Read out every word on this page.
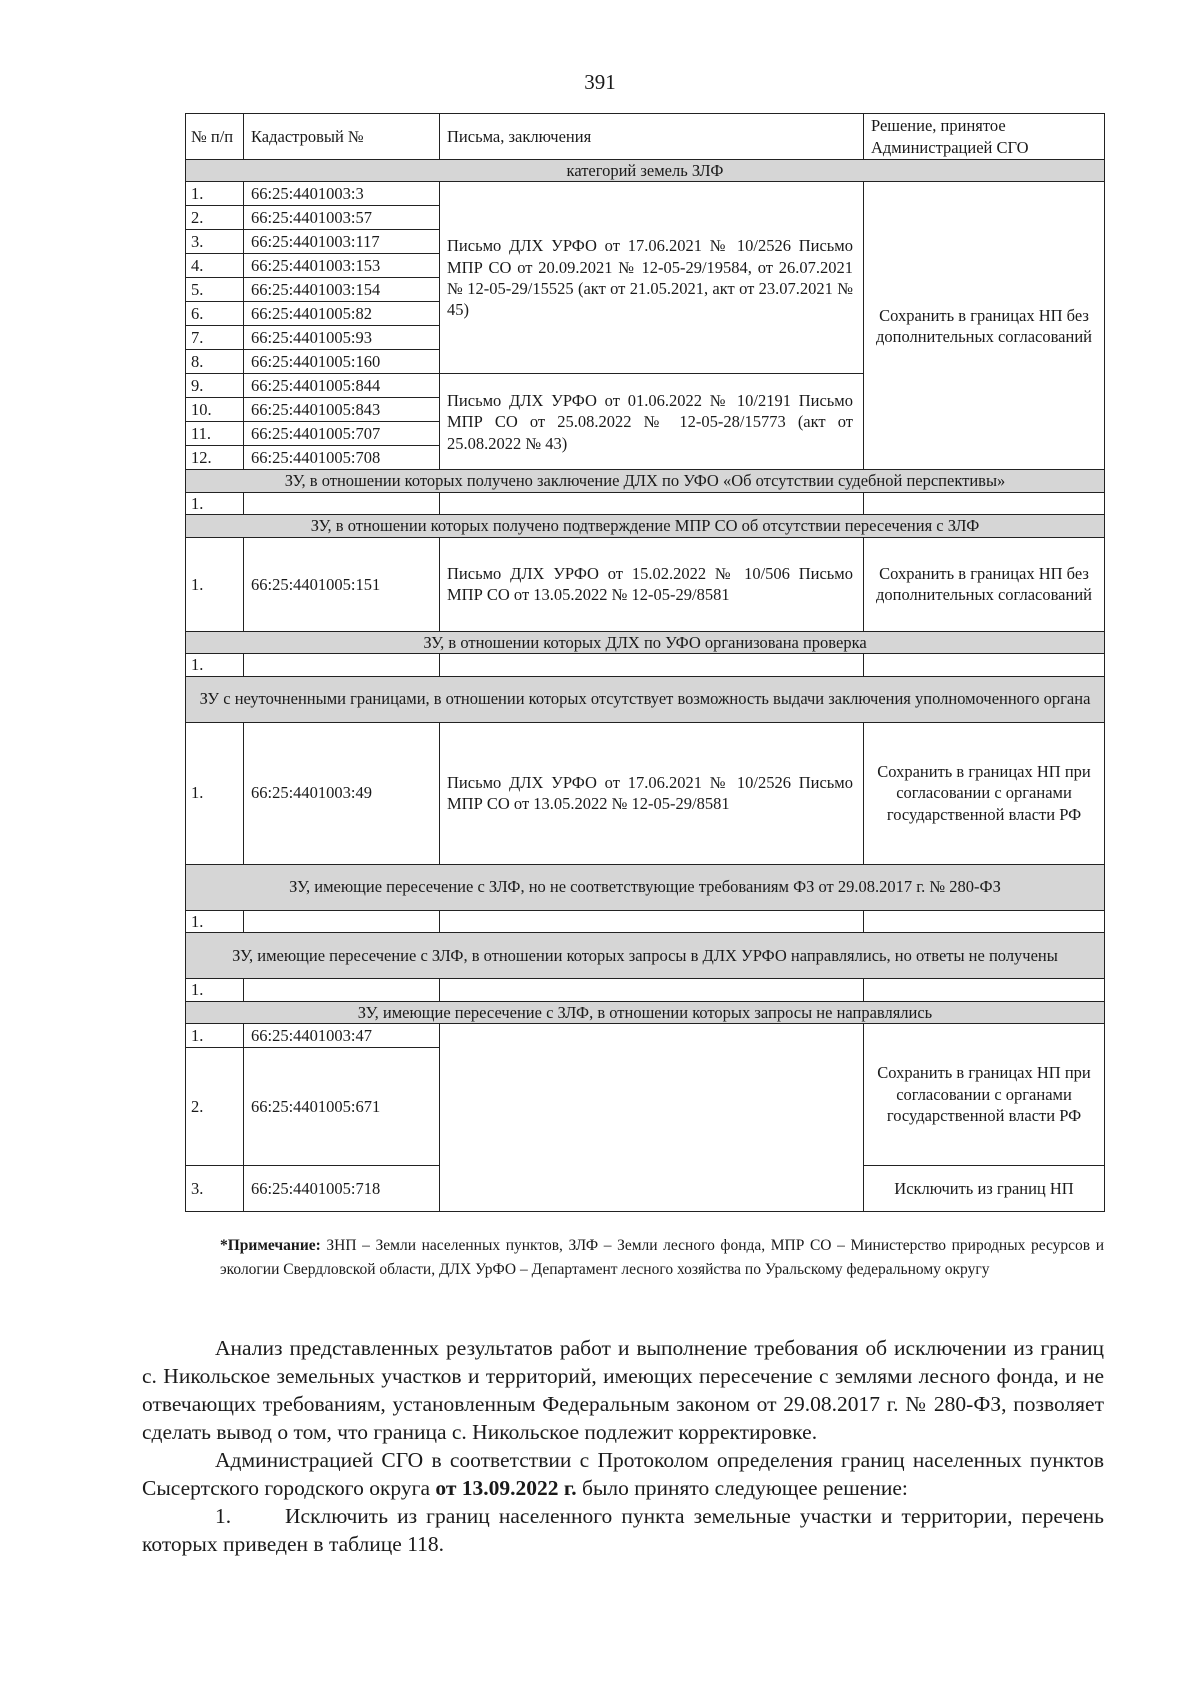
391
№ п/п	Кадастровый №	Письма, заключения	Решение, принятое Администрацией СГО
категорий земель ЗЛФ			
1.	66:25:4401003:3	Письмо ДЛХ УРФО от 17.06.2021 № 10/2526 Письмо МПР СО от 20.09.2021 № 12-05-29/19584, от 26.07.2021 № 12-05-29/15525 (акт от 21.05.2021, акт от 23.07.2021 № 45)	Сохранить в границах НП без дополнительных согласований
2.	66:25:4401003:57		
3.	66:25:4401003:117		
4.	66:25:4401003:153		
5.	66:25:4401003:154		
6.	66:25:4401005:82		
7.	66:25:4401005:93		
8.	66:25:4401005:160		
9.	66:25:4401005:844	Письмо ДЛХ УРФО от 01.06.2022 № 10/2191 Письмо МПР СО от 25.08.2022 № 12-05-28/15773 (акт от 25.08.2022 № 43)	
10.	66:25:4401005:843		
11.	66:25:4401005:707		
12.	66:25:4401005:708		
ЗУ, в отношении которых получено заключение ДЛХ по УФО «Об отсутствии судебной перспективы»			
1.			
ЗУ, в отношении которых получено подтверждение МПР СО об отсутствии пересечения с ЗЛФ			
1.	66:25:4401005:151	Письмо ДЛХ УРФО от 15.02.2022 № 10/506 Письмо МПР СО от 13.05.2022 № 12-05-29/8581	Сохранить в границах НП без дополнительных согласований
ЗУ, в отношении которых ДЛХ по УФО организована проверка			
1.			
ЗУ с неуточненными границами, в отношении которых отсутствует возможность выдачи заключения уполномоченного органа			
1.	66:25:4401003:49	Письмо ДЛХ УРФО от 17.06.2021 № 10/2526 Письмо МПР СО от 13.05.2022 № 12-05-29/8581	Сохранить в границах НП при согласовании с органами государственной власти РФ
ЗУ, имеющие пересечение с ЗЛФ, но не соответствующие требованиям ФЗ от 29.08.2017 г. № 280-ФЗ			
1.			
ЗУ, имеющие пересечение с ЗЛФ, в отношении которых запросы в ДЛХ УРФО направлялись, но ответы не получены			
1.			
ЗУ, имеющие пересечение с ЗЛФ, в отношении которых запросы не направлялись			
1.	66:25:4401003:47		Сохранить в границах НП при согласовании с органами государственной власти РФ
2.	66:25:4401005:671		
3.	66:25:4401005:718		Исключить из границ НП
*Примечание: ЗНП – Земли населенных пунктов, ЗЛФ – Земли лесного фонда, МПР СО – Министерство природных ресурсов и экологии Свердловской области, ДЛХ УрФО – Департамент лесного хозяйства по Уральскому федеральному округу

Анализ представленных результатов работ и выполнение требования об исключении из границ с. Никольское земельных участков и территорий, имеющих пересечение с землями лесного фонда, и не отвечающих требованиям, установленным Федеральным законом от 29.08.2017 г. № 280-ФЗ, позволяет сделать вывод о том, что граница с. Никольское подлежит корректировке.

Администрацией СГО в соответствии с Протоколом определения границ населенных пунктов Сысертского городского округа от 13.09.2022 г. было принято следующее решение:

1.	Исключить из границ населенного пункта земельные участки и территории, перечень которых приведен в таблице 118.
